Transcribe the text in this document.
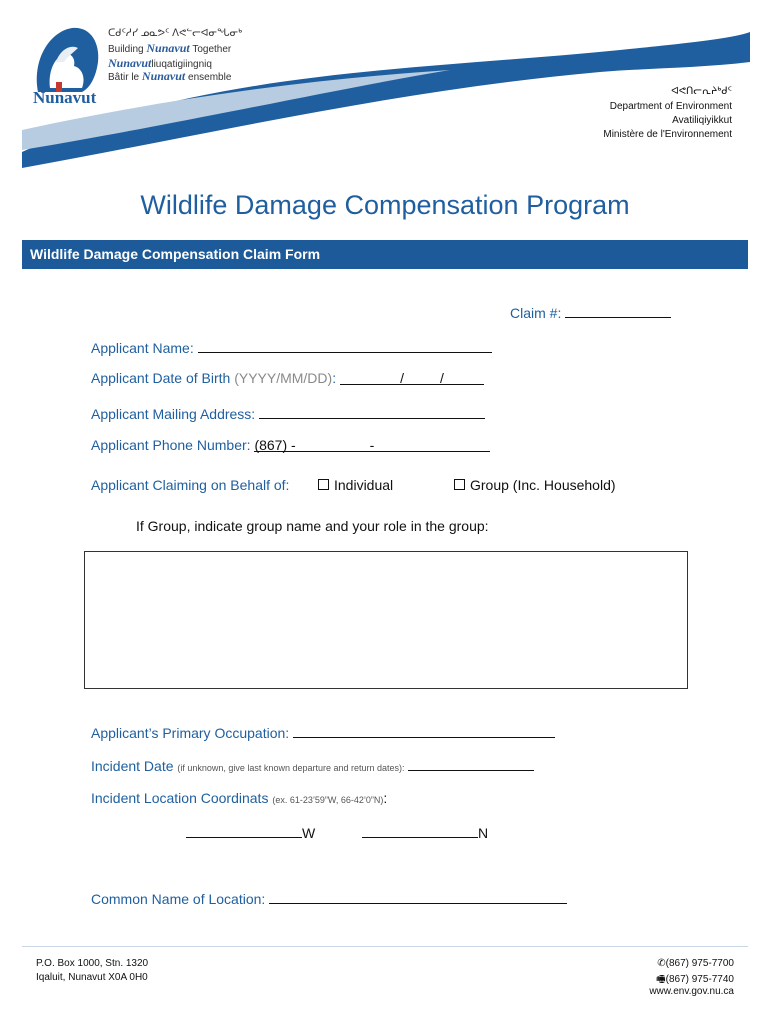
★
Nunavut
ᑕᑯᑦᓱᓯ ᓄᓇᕗᑦ ᐱᕙᓪᓕᐊᓂᖓᓂᒃ
Building Nunavut Together
Nunavutliuqatigiingniq
Bâtir le Nunavut ensemble
ᐊᕙᑎᓕᕆᔨᒃᑯᑦ
Department of Environment
Avatiliqiyikkut
Ministère de l'Environnement
Wildlife Damage Compensation Program
Wildlife Damage Compensation Claim Form
Claim #:
Applicant Name:
Applicant Date of Birth (YYYY/MM/DD):	/	/
Applicant Mailing Address:
Applicant Phone Number: (867) -	-
Applicant Claiming on Behalf of:	Individual	Group (Inc. Household)
If Group, indicate group name and your role in the group:
Applicant’s Primary Occupation:
Incident Date (if unknown, give last known departure and return dates):
Incident Location Coordinats (ex. 61-23’59”W, 66-42’0”N):
W	N
Common Name of Location:
P.O. Box 1000, Stn. 1320
Iqaluit, Nunavut X0A 0H0
✆(867) 975-7700
🖷(867) 975-7740
www.env.gov.nu.ca
